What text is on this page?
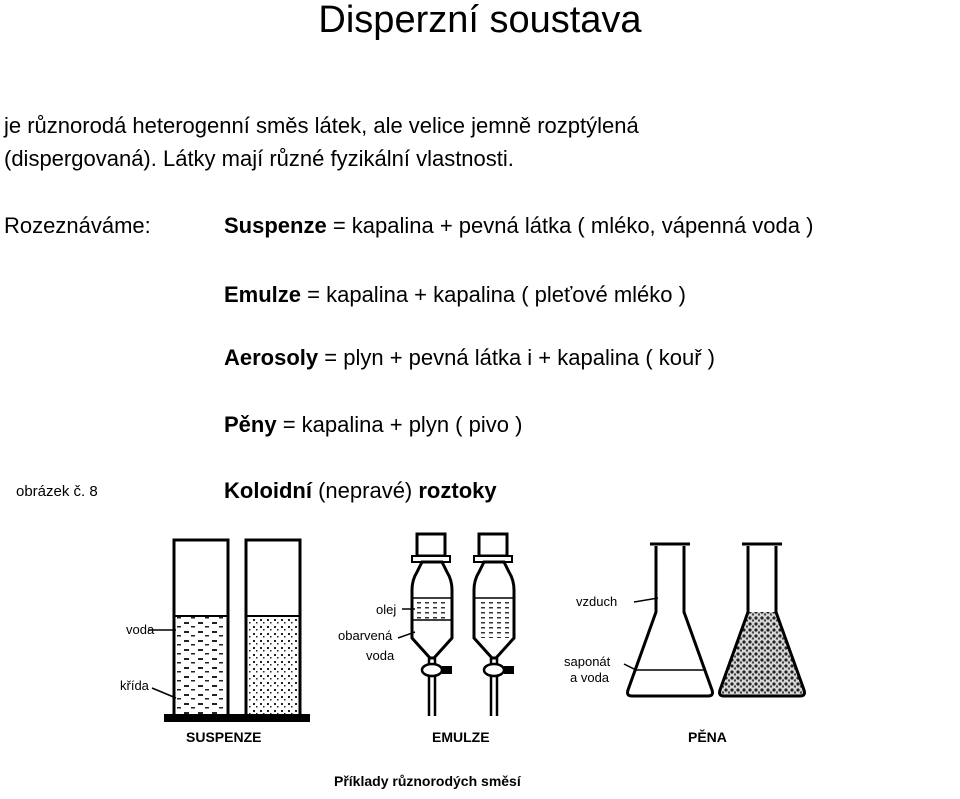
Disperzní soustava
je různorodá heterogenní směs látek, ale velice jemně rozptýlená
(dispergovaná). Látky mají různé fyzikální vlastnosti.
Rozeznáváme:	Suspenze = kapalina + pevná látka ( mléko, vápenná voda )
Emulze = kapalina + kapalina ( pleťové mléko )
Aerosoly = plyn + pevná látka i + kapalina ( kouř )
Pěny = kapalina + plyn ( pivo )
obrázek č. 8	Koloidní (nepravé) roztoky
voda
křída
olej
obarvená
voda
vzduch
saponát
a voda
SUSPENZE	EMULZE	PĚNA
Příklady různorodých směsí
